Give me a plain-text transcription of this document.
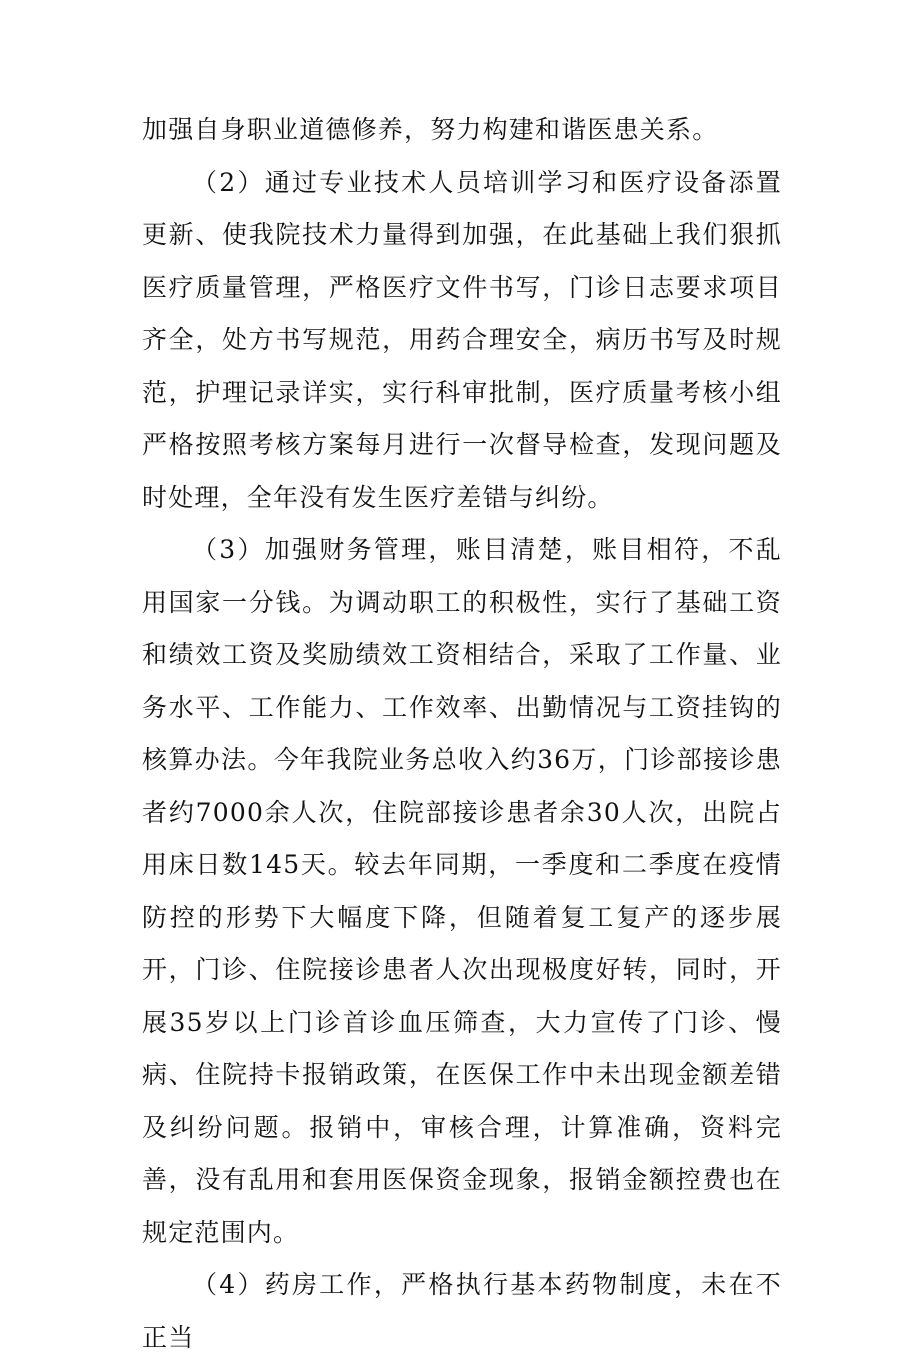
加强自身职业道德修养，努力构建和谐医患关系。

（2）通过专业技术人员培训学习和医疗设备添置更新、使我院技术力量得到加强，在此基础上我们狠抓医疗质量管理，严格医疗文件书写，门诊日志要求项目齐全，处方书写规范，用药合理安全，病历书写及时规范，护理记录详实，实行科审批制，医疗质量考核小组严格按照考核方案每月进行一次督导检查，发现问题及时处理，全年没有发生医疗差错与纠纷。

（3）加强财务管理，账目清楚，账目相符，不乱用国家一分钱。为调动职工的积极性，实行了基础工资和绩效工资及奖励绩效工资相结合，采取了工作量、业务水平、工作能力、工作效率、出勤情况与工资挂钩的核算办法。今年我院业务总收入约36万，门诊部接诊患者约7000余人次，住院部接诊患者余30人次，出院占用床日数145天。较去年同期，一季度和二季度在疫情防控的形势下大幅度下降，但随着复工复产的逐步展开，门诊、住院接诊患者人次出现极度好转，同时，开展35岁以上门诊首诊血压筛查，大力宣传了门诊、慢病、住院持卡报销政策，在医保工作中未出现金额差错及纠纷问题。报销中，审核合理，计算准确，资料完善，没有乱用和套用医保资金现象，报销金额控费也在规定范围内。

（4）药房工作，严格执行基本药物制度，未在不正当
